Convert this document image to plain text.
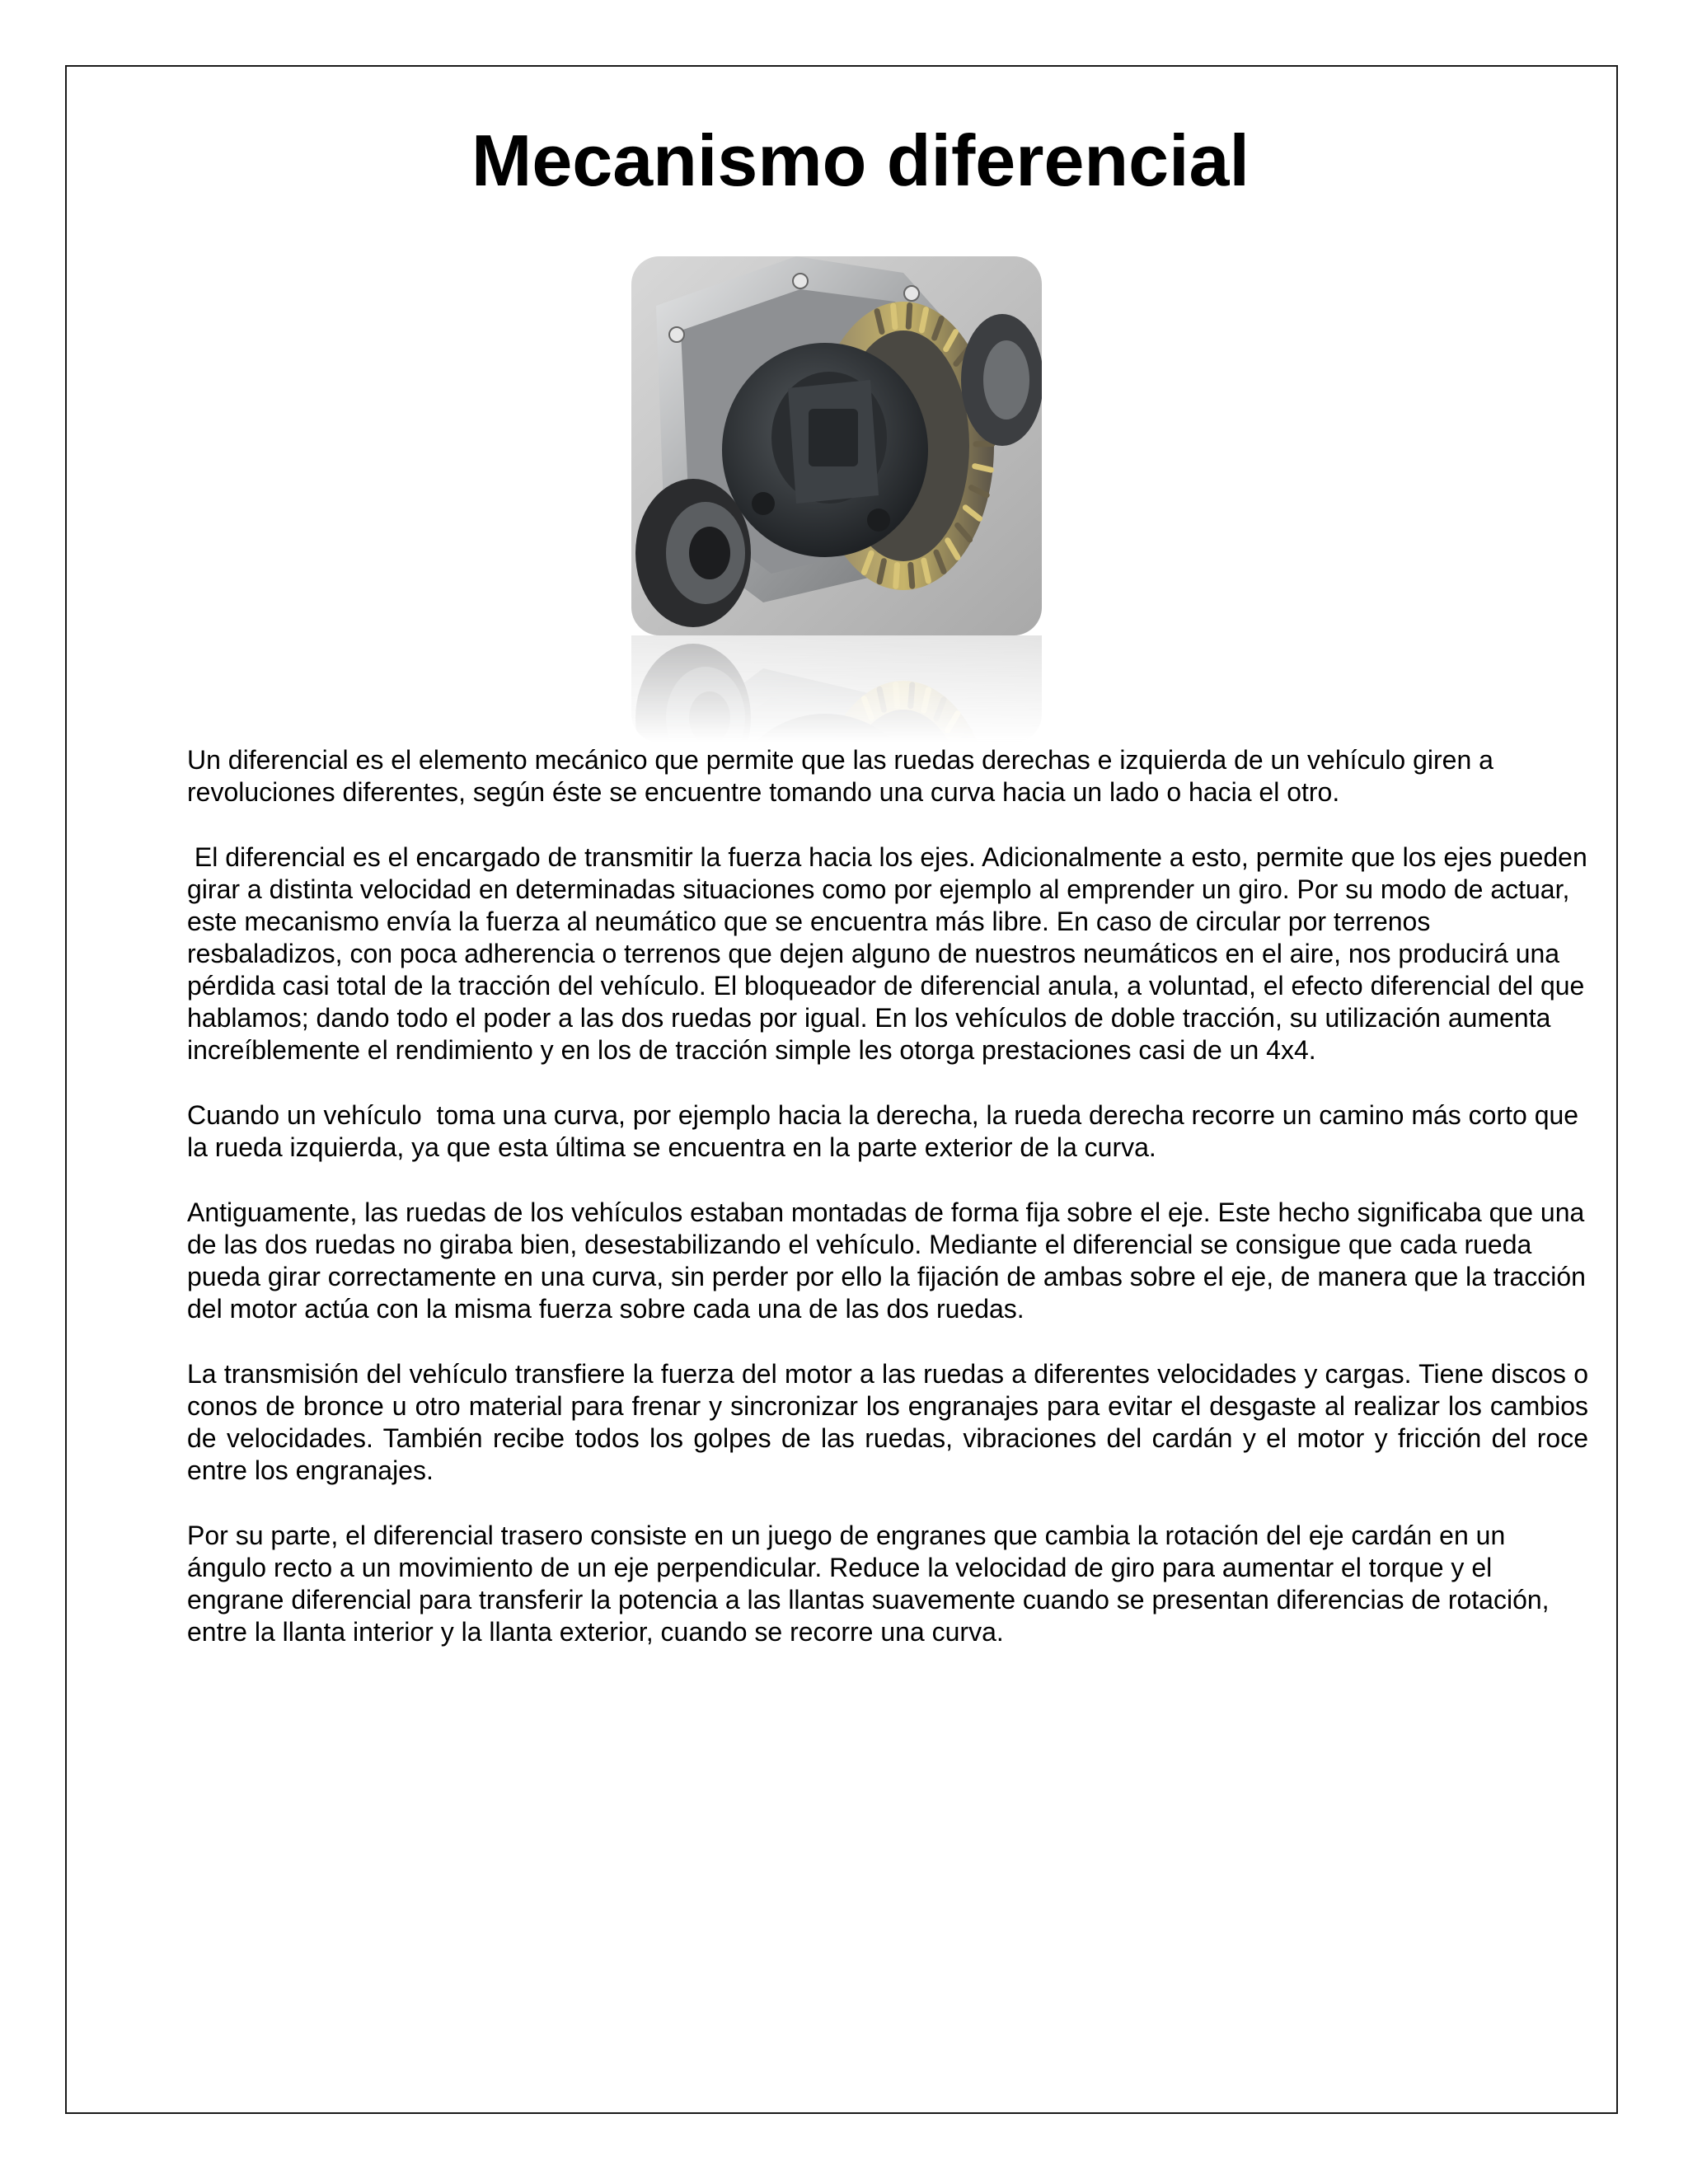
Mecanismo diferencial

Un diferencial es el elemento mecánico que permite que las ruedas derechas e izquierda de un vehículo giren a revoluciones diferentes, según éste se encuentre tomando una curva hacia un lado o hacia el otro.

El diferencial es el encargado de transmitir la fuerza hacia los ejes. Adicionalmente a esto, permite que los ejes pueden girar a distinta velocidad en determinadas situaciones como por ejemplo al emprender un giro. Por su modo de actuar, este mecanismo envía la fuerza al neumático que se encuentra más libre. En caso de circular por terrenos resbaladizos, con poca adherencia o terrenos que dejen alguno de nuestros neumáticos en el aire, nos producirá una pérdida casi total de la tracción del vehículo. El bloqueador de diferencial anula, a voluntad, el efecto diferencial del que hablamos; dando todo el poder a las dos ruedas por igual. En los vehículos de doble tracción, su utilización aumenta increíblemente el rendimiento y en los de tracción simple les otorga prestaciones casi de un 4x4.

Cuando un vehículo  toma una curva, por ejemplo hacia la derecha, la rueda derecha recorre un camino más corto que la rueda izquierda, ya que esta última se encuentra en la parte exterior de la curva.

Antiguamente, las ruedas de los vehículos estaban montadas de forma fija sobre el eje. Este hecho significaba que una de las dos ruedas no giraba bien, desestabilizando el vehículo. Mediante el diferencial se consigue que cada rueda pueda girar correctamente en una curva, sin perder por ello la fijación de ambas sobre el eje, de manera que la tracción del motor actúa con la misma fuerza sobre cada una de las dos ruedas.

La transmisión del vehículo transfiere la fuerza del motor a las ruedas a diferentes velocidades y cargas. Tiene discos o conos de bronce u otro material para frenar y sincronizar los engranajes para evitar el desgaste al realizar los cambios de velocidades. También recibe todos los golpes de las ruedas, vibraciones del cardán y el motor y fricción del roce entre los engranajes.

Por su parte, el diferencial trasero consiste en un juego de engranes que cambia la rotación del eje cardán en un ángulo recto a un movimiento de un eje perpendicular. Reduce la velocidad de giro para aumentar el torque y el engrane diferencial para transferir la potencia a las llantas suavemente cuando se presentan diferencias de rotación, entre la llanta interior y la llanta exterior, cuando se recorre una curva.
